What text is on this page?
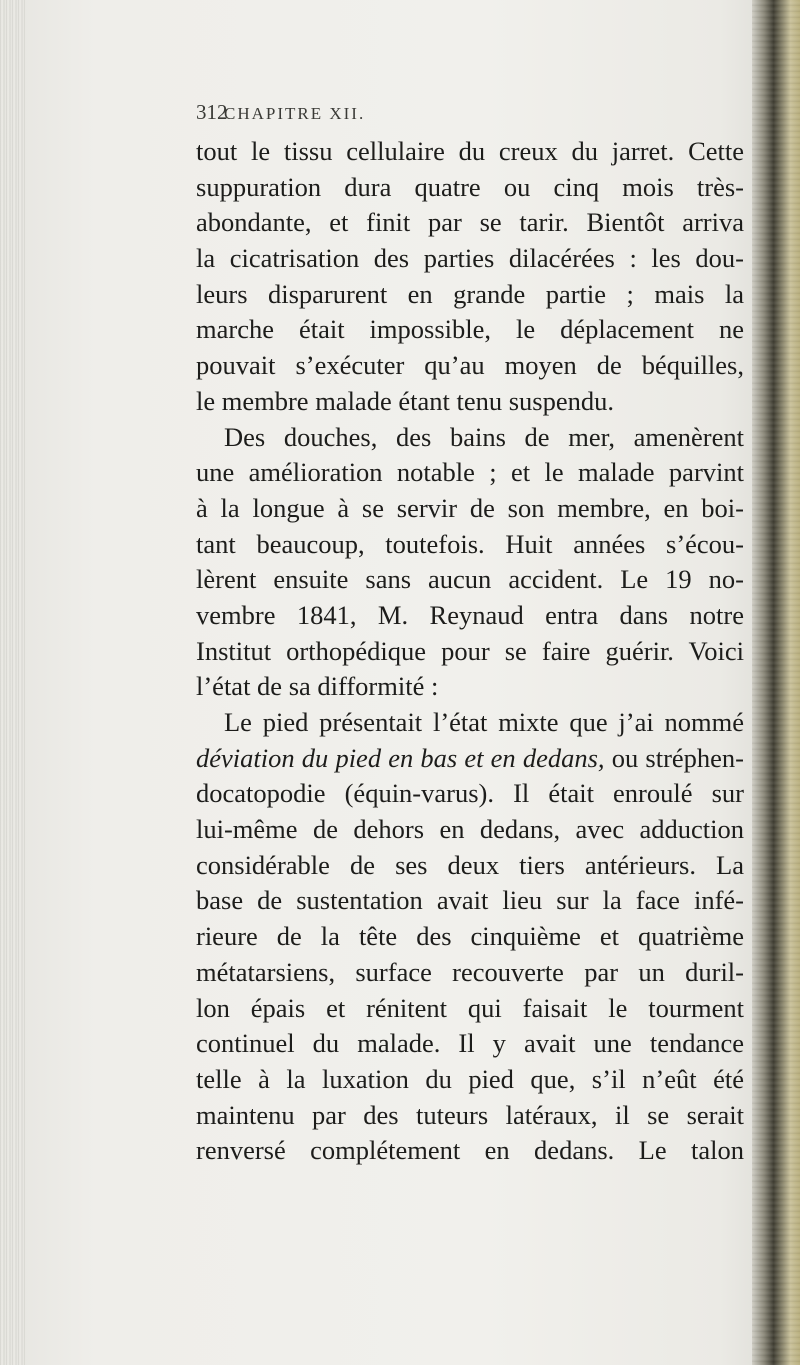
312
CHAPITRE XII.
tout le tissu cellulaire du creux du jarret. Cette
suppuration dura quatre ou cinq mois très-
abondante, et finit par se tarir. Bientôt arriva
la cicatrisation des parties dilacérées : les dou-
leurs disparurent en grande partie ; mais la
marche était impossible, le déplacement ne
pouvait s’exécuter qu’au moyen de béquilles,
le membre malade étant tenu suspendu.
Des douches, des bains de mer, amenèrent
une amélioration notable ; et le malade parvint
à la longue à se servir de son membre, en boi-
tant beaucoup, toutefois. Huit années s’écou-
lèrent ensuite sans aucun accident. Le 19 no-
vembre 1841, M. Reynaud entra dans notre
Institut orthopédique pour se faire guérir. Voici
l’état de sa difformité :
Le pied présentait l’état mixte que j’ai nommé
déviation du pied en bas et en dedans, ou stréphen-
docatopodie (équin-varus). Il était enroulé sur
lui-même de dehors en dedans, avec adduction
considérable de ses deux tiers antérieurs. La
base de sustentation avait lieu sur la face infé-
rieure de la tête des cinquième et quatrième
métatarsiens, surface recouverte par un duril-
lon épais et rénitent qui faisait le tourment
continuel du malade. Il y avait une tendance
telle à la luxation du pied que, s’il n’eût été
maintenu par des tuteurs latéraux, il se serait
renversé complétement en dedans. Le talon
